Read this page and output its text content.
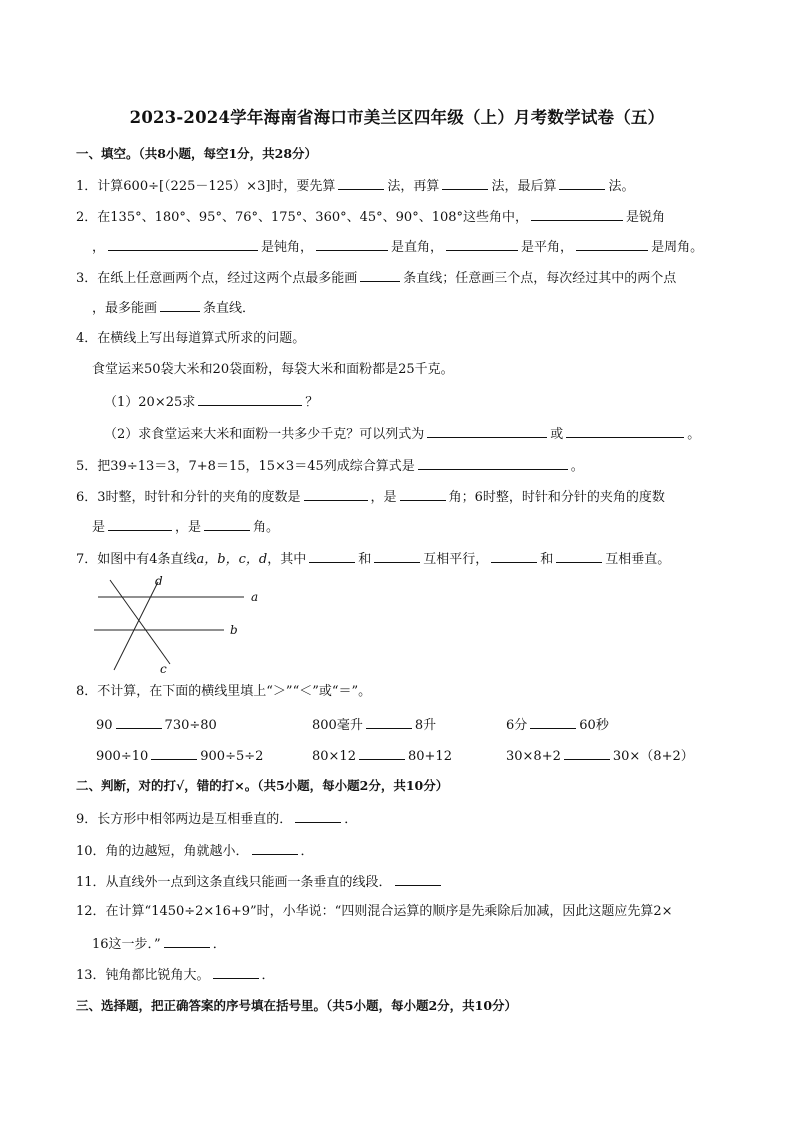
2023-2024学年海南省海口市美兰区四年级（上）月考数学试卷（五）
一、填空。（共8小题，每空1分，共28分）
1．计算600÷[（225－125）×3]时，要先算	法，再算	法，最后算	法。
2．在135°、180°、95°、76°、175°、360°、45°、90°、108°这些角中，	是锐角
，	是钝角，	是直角，	是平角，	是周角。
3．在纸上任意画两个点，经过这两个点最多能画	条直线；任意画三个点，每次经过其中的两个点
，最多能画	条直线．
4．在横线上写出每道算式所求的问题。
食堂运来50袋大米和20袋面粉，每袋大米和面粉都是25千克。
（1）20×25求	？
（2）求食堂运来大米和面粉一共多少千克？可以列式为	或	。
5．把39÷13＝3，7+8＝15，15×3＝45列成综合算式是	。
6．3时整，时针和分针的夹角的度数是	，是	角；6时整，时针和分针的夹角的度数
是	，是	角。
7．如图中有4条直线a，b，c，d，其中	和	互相平行，	和	互相垂直。
a
b
c
d
8．不计算，在下面的横线里填上“＞”“＜”或“＝”。
90	730÷80	800毫升	8升	6分	60秒
900÷10	900÷5÷2	80×12	80+12	30×8+2	30×（8+2）
二、判断，对的打√，错的打×。（共5小题，每小题2分，共10分）
9．长方形中相邻两边是互相垂直的．	．
10．角的边越短，角就越小．	．
11．从直线外一点到这条直线只能画一条垂直的线段．
12．在计算“1450÷2×16+9”时，小华说：“四则混合运算的顺序是先乘除后加减，因此这题应先算2×
16这一步．”	．
13．钝角都比锐角大。	．
三、选择题，把正确答案的序号填在括号里。（共5小题，每小题2分，共10分）
